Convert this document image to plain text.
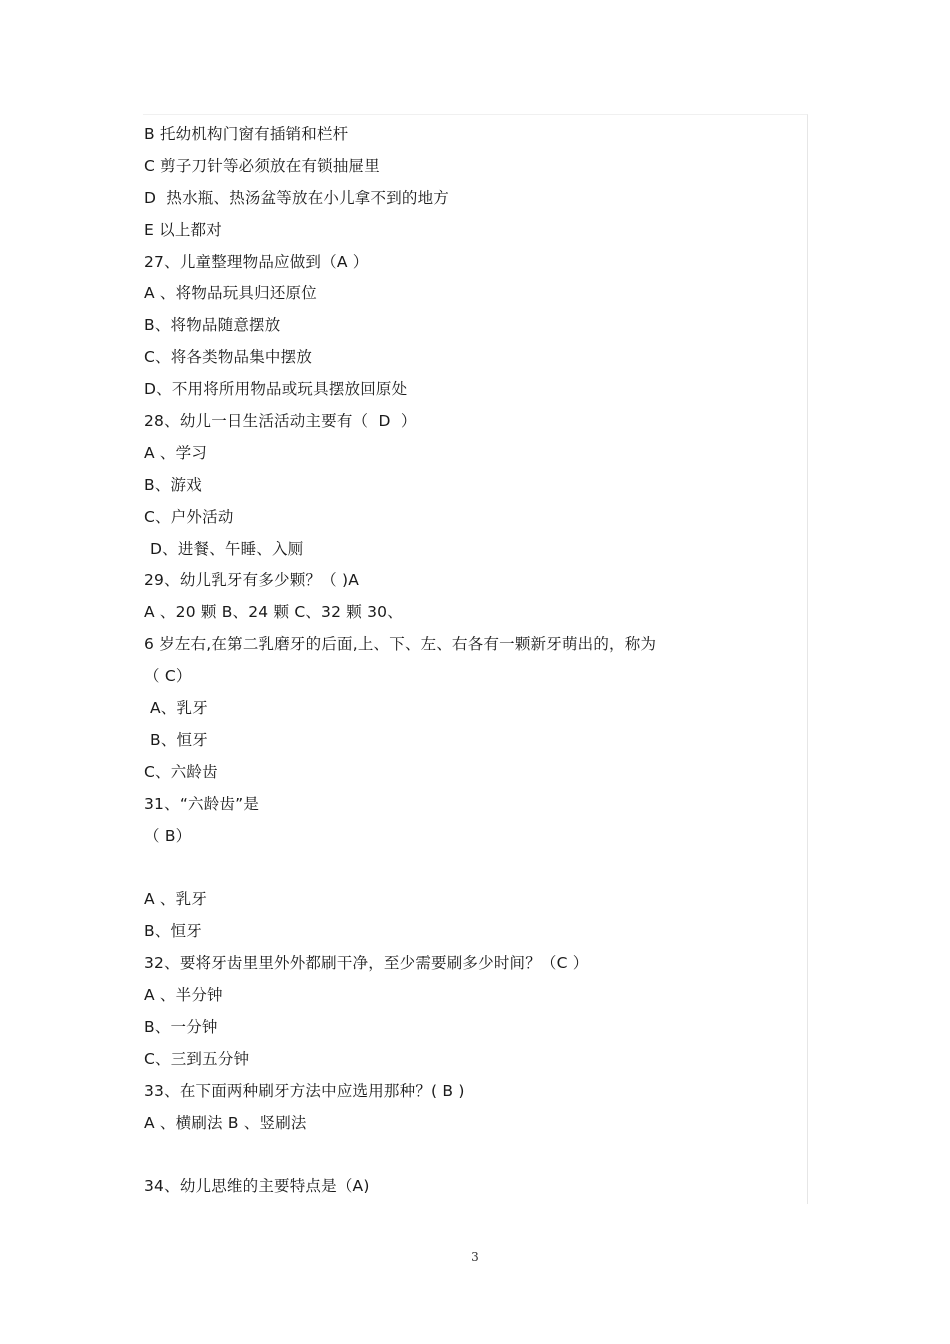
B 托幼机构门窗有插销和栏杆
C 剪子刀针等必须放在有锁抽屉里
D  热水瓶、热汤盆等放在小儿拿不到的地方
E 以上都对
27、儿童整理物品应做到（A ）
A 、将物品玩具归还原位
B、将物品随意摆放
C、将各类物品集中摆放
D、不用将所用物品或玩具摆放回原处
28、幼儿一日生活活动主要有（  D  ）
A 、学习
B、游戏
C、户外活动
D、进餐、午睡、入厕
29、幼儿乳牙有多少颗？（ )A
A 、20 颗 B、24 颗 C、32 颗 30、
6 岁左右,在第二乳磨牙的后面,上、下、左、右各有一颗新牙萌出的，称为
（ C）
A、乳牙
B、恒牙
C、六龄齿
31、“六龄齿”是
（ B）
A 、乳牙
B、恒牙
32、要将牙齿里里外外都刷干净，至少需要刷多少时间？（C ）
A 、半分钟
B、一分钟
C、三到五分钟
33、在下面两种刷牙方法中应选用那种？( B )
A 、横刷法 B 、竖刷法
34、幼儿思维的主要特点是（A)
3
